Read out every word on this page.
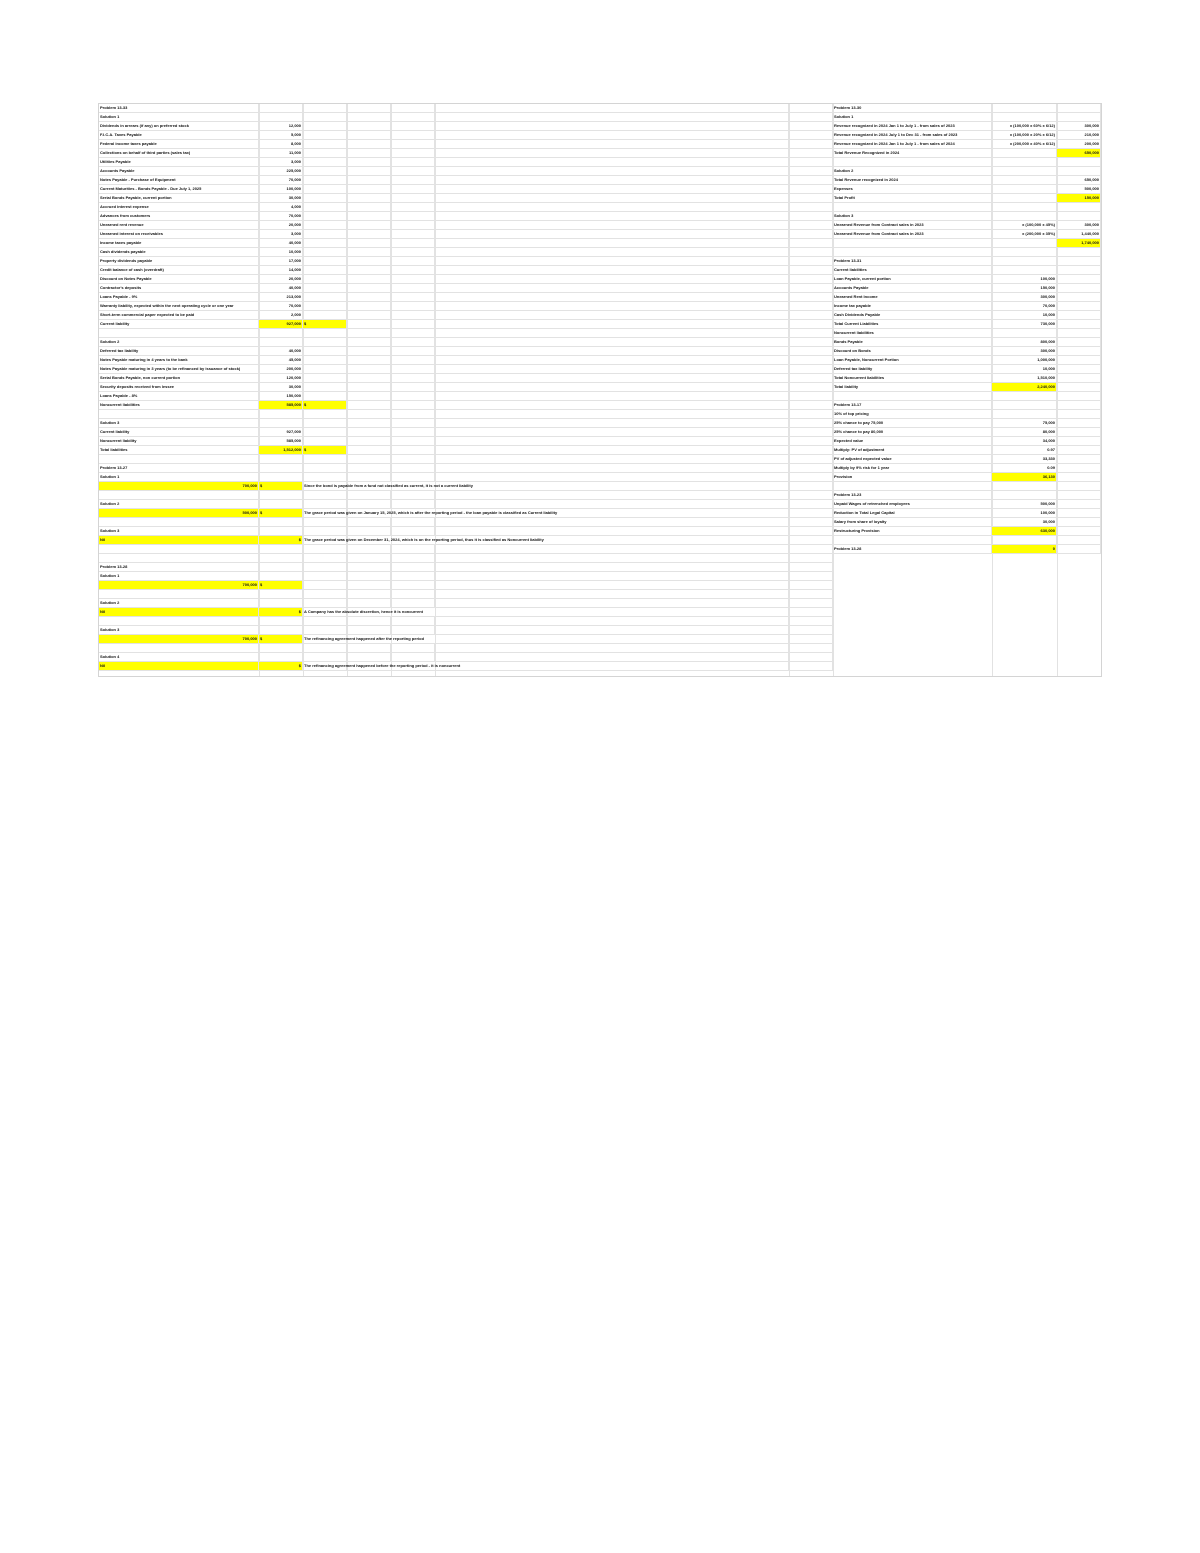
Problem 13-33
Solution 1
Dividends in arrears (if any) on preferred stock	12,000
F.I.C.A. Taxes Payable	5,000
Federal income taxes payable	8,000
Collections on behalf of third parties (sales tax)	11,000
Utilities Payable	3,000
Accounts Payable	225,000
Notes Payable - Purchase of Equipment	70,000
Current Maturities - Bonds Payable - Due July 1, 2025	100,000
Serial Bonds Payable, current portion	30,000
Accrued interest expense	4,000
Advances from customers	70,000
Unearned rent revenue	20,000
Unearned interest on receivables	3,000
Income taxes payable	40,000
Cash dividends payable	10,000
Property dividends payable	17,000
Credit balance of cash (overdraft)	14,000
Discount on Notes Payable	20,000
Contractor's deposits	40,000
Loans Payable - 9%	213,000
Warranty liability, expected within the next operating cycle or one year	70,000
Short-term commercial paper expected to be paid	2,000
Current liability	927,000 $
Solution 2
Deferred tax liability	40,000
Notes Payable maturing in 4 years to the bank	45,000
Notes Payable maturing in 3 years (to be refinanced by issuance of stock)	200,000
Serial Bonds Payable, non current portion	120,000
Security deposits received from lessee	30,000
Loans Payable - 8%	150,000
Noncurrent liabilities	585,000 $
Solution 3
Current liability	927,000
Noncurrent liability	585,000
Total liabilities	1,512,000 $
Problem 13-27
Solution 1
700,000 $	Since the bond is payable from a fund not classified as current, it is not a current liability
Solution 2
500,000 $	The grace period was given on January 15, 2025, which is after the reporting period - the loan payable is classified as Current liability
Solution 3
Nil	$ The grace period was given on December 31, 2024, which is on the reporting period, thus it is classified as Noncurrent liability
Problem 13-28
Solution 1
700,000 $
Solution 2
Nil	$ A Company has the absolute discretion, hence it is noncurrent
Solution 3
700,000 $	The refinancing agreement happened after the reporting period
Solution 4
Nil	$ The refinancing agreement happened before the reporting period - it is noncurrent
Problem 13-30
Solution 1
Revenue recognized in 2024 Jan 1 to July 1 - from sales of 2023	x (100,000 x 60% x 6/12)	300,000
Revenue recognized in 2024 July 1 to Dec 31 - from sales of 2023	x (100,000 x 20% x 6/12)	210,000
Revenue recognized in 2024 Jan 1 to July 1 - from sales of 2024	x (200,000 x 40% x 6/12)	200,000
Total Revenue Recognized in 2024	650,000
Solution 2
Total Revenue recognized in 2024	650,000
Expenses	500,000
Total Profit	150,000
Solution 3
Unearned Revenue from Contract sales in 2023	x (100,000 x 45%)	300,000
Unearned Revenue from Contract sales in 2023	x (200,000 x 35%)	1,440,000
1,740,000
Problem 13-31
Current liabilities
Loan Payable, current portion	100,000
Accounts Payable	150,000
Unearned Rent Income	300,000
Income tax payable	70,000
Cash Dividends Payable	10,000
Total Current Liabilities	730,000
Noncurrent liabilities
Bonds Payable	800,000
Discount on Bonds	300,000
Loan Payable, Noncurrent Portion	1,000,000
Deferred tax liability	10,000
Total Noncurrent liabilities	1,510,000
Total liability	2,240,000
Problem 13-17
10% of top pricing
25% chance to pay 75,000	75,000
25% chance to pay 80,000	80,000
Expected value	34,000
Multiply: PV of adjustment	0.97
PV of adjusted expected value	33,330
Multiply by 9% risk for 1 year	0.09
Provision	36,130
Problem 13-23
Unpaid Wages of retrenched employees	500,000
Reduction in Total Legal Capital	100,000
Salary from share of loyalty	30,000
Restructuring Provision	630,000
Problem 13-28	0
